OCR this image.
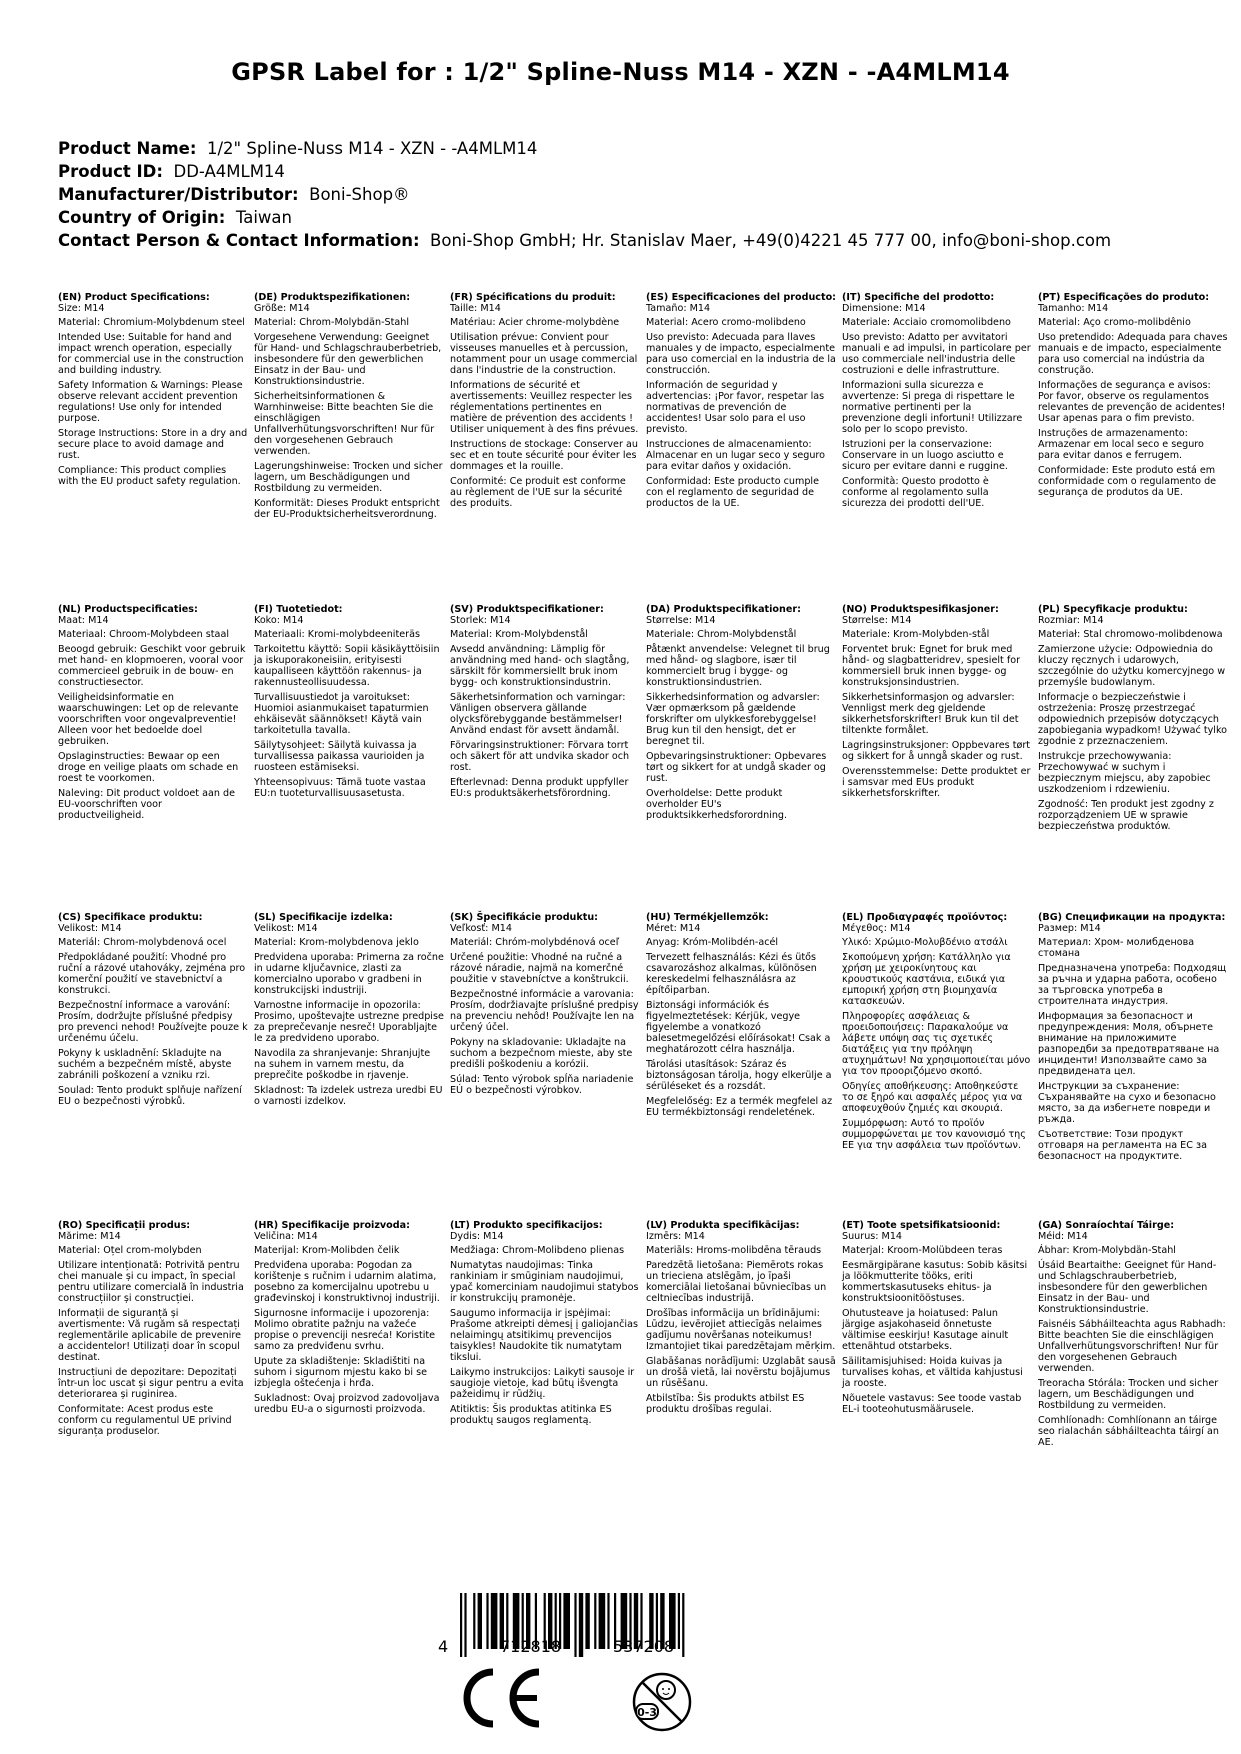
GPSR Label for : 1/2" Spline-Nuss M14 - XZN - -A4MLM14
Product Name: 1/2" Spline-Nuss M14 - XZN - -A4MLM14
Product ID: DD-A4MLM14
Manufacturer/Distributor: Boni-Shop®
Country of Origin: Taiwan
Contact Person & Contact Information: Boni-Shop GmbH; Hr. Stanislav Maer, +49(0)4221 45 777 00, info@boni-shop.com
(EN) Product Specifications:
Size: M14

Material: Chromium-Molybdenum steel

Intended Use: Suitable for hand and impact wrench operation, especially for commercial use in the construction and building industry.

Safety Information & Warnings: Please observe relevant accident prevention regulations! Use only for intended purpose.

Storage Instructions: Store in a dry and secure place to avoid damage and rust.

Compliance: This product complies with the EU product safety regulation.

(DE) Produktspezifikationen:
Größe: M14

Material: Chrom-Molybdän-Stahl

Vorgesehene Verwendung: Geeignet für Hand- und Schlagschrauberbetrieb, insbesondere für den gewerblichen Einsatz in der Bau- und Konstruktionsindustrie.

Sicherheitsinformationen & Warnhinweise: Bitte beachten Sie die einschlägigen Unfallverhütungsvorschriften! Nur für den vorgesehenen Gebrauch verwenden.

Lagerungshinweise: Trocken und sicher lagern, um Beschädigungen und Rostbildung zu vermeiden.

Konformität: Dieses Produkt entspricht der EU-Produktsicherheitsverordnung.

(FR) Spécifications du produit:
Taille: M14

Matériau: Acier chrome-molybdène

Utilisation prévue: Convient pour visseuses manuelles et à percussion, notamment pour un usage commercial dans l'industrie de la construction.

Informations de sécurité et avertissements: Veuillez respecter les réglementations pertinentes en matière de prévention des accidents ! Utiliser uniquement à des fins prévues.

Instructions de stockage: Conserver au sec et en toute sécurité pour éviter les dommages et la rouille.

Conformité: Ce produit est conforme au règlement de l'UE sur la sécurité des produits.

(ES) Especificaciones del producto:
Tamaño: M14

Material: Acero cromo-molibdeno

Uso previsto: Adecuada para llaves manuales y de impacto, especialmente para uso comercial en la industria de la construcción.

Información de seguridad y advertencias: ¡Por favor, respetar las normativas de prevención de accidentes! Usar solo para el uso previsto.

Instrucciones de almacenamiento: Almacenar en un lugar seco y seguro para evitar daños y oxidación.

Conformidad: Este producto cumple con el reglamento de seguridad de productos de la UE.

(IT) Specifiche del prodotto:
Dimensione: M14

Materiale: Acciaio cromomolibdeno

Uso previsto: Adatto per avvitatori manuali e ad impulsi, in particolare per uso commerciale nell'industria delle costruzioni e delle infrastrutture.

Informazioni sulla sicurezza e avvertenze: Si prega di rispettare le normative pertinenti per la prevenzione degli infortuni! Utilizzare solo per lo scopo previsto.

Istruzioni per la conservazione: Conservare in un luogo asciutto e sicuro per evitare danni e ruggine.

Conformità: Questo prodotto è conforme al regolamento sulla sicurezza dei prodotti dell'UE.

(PT) Especificações do produto:
Tamanho: M14

Material: Aço cromo-molibdênio

Uso pretendido: Adequada para chaves manuais e de impacto, especialmente para uso comercial na indústria da construção.

Informações de segurança e avisos: Por favor, observe os regulamentos relevantes de prevenção de acidentes! Usar apenas para o fim previsto.

Instruções de armazenamento: Armazenar em local seco e seguro para evitar danos e ferrugem.

Conformidade: Este produto está em conformidade com o regulamento de segurança de produtos da UE.

(NL) Productspecificaties:
Maat: M14

Materiaal: Chroom-Molybdeen staal

Beoogd gebruik: Geschikt voor gebruik met hand- en klopmoeren, vooral voor commercieel gebruik in de bouw- en constructiesector.

Veiligheidsinformatie en waarschuwingen: Let op de relevante voorschriften voor ongevalpreventie! Alleen voor het bedoelde doel gebruiken.

Opslaginstructies: Bewaar op een droge en veilige plaats om schade en roest te voorkomen.

Naleving: Dit product voldoet aan de EU-voorschriften voor productveiligheid.

(FI) Tuotetiedot:
Koko: M14

Materiaali: Kromi-molybdeeniteräs

Tarkoitettu käyttö: Sopii käsikäyttöisiin ja iskuporakoneisiin, erityisesti kaupalliseen käyttöön rakennus- ja rakennusteollisuudessa.

Turvallisuustiedot ja varoitukset: Huomioi asianmukaiset tapaturmien ehkäisevät säännökset! Käytä vain tarkoitetulla tavalla.

Säilytysohjeet: Säilytä kuivassa ja turvallisessa paikassa vaurioiden ja ruosteen estämiseksi.

Yhteensopivuus: Tämä tuote vastaa EU:n tuoteturvallisuusasetusta.

(SV) Produktspecifikationer:
Storlek: M14

Material: Krom-Molybdenstål

Avsedd användning: Lämplig för användning med hand- och slagtång, särskilt för kommersiellt bruk inom bygg- och konstruktionsindustrin.

Säkerhetsinformation och varningar: Vänligen observera gällande olycksförebyggande bestämmelser! Använd endast för avsett ändamål.

Förvaringsinstruktioner: Förvara torrt och säkert för att undvika skador och rost.

Efterlevnad: Denna produkt uppfyller EU:s produktsäkerhetsförordning.

(DA) Produktspecifikationer:
Størrelse: M14

Materiale: Chrom-Molybdenstål

Påtænkt anvendelse: Velegnet til brug med hånd- og slagbore, især til kommercielt brug i bygge- og konstruktionsindustrien.

Sikkerhedsinformation og advarsler: Vær opmærksom på gældende forskrifter om ulykkesforebyggelse! Brug kun til den hensigt, det er beregnet til.

Opbevaringsinstruktioner: Opbevares tørt og sikkert for at undgå skader og rust.

Overholdelse: Dette produkt overholder EU's produktsikkerhedsforordning.

(NO) Produktspesifikasjoner:
Størrelse: M14

Materiale: Krom-Molybden-stål

Forventet bruk: Egnet for bruk med hånd- og slagbatteridrev, spesielt for kommersiell bruk innen bygge- og konstruksjonsindustrien.

Sikkerhetsinformasjon og advarsler: Vennligst merk deg gjeldende sikkerhetsforskrifter! Bruk kun til det tiltenkte formålet.

Lagringsinstruksjoner: Oppbevares tørt og sikkert for å unngå skader og rust.

Overensstemmelse: Dette produktet er i samsvar med EUs produkt sikkerhetsforskrifter.

(PL) Specyfikacje produktu:
Rozmiar: M14

Materiał: Stal chromowo-molibdenowa

Zamierzone użycie: Odpowiednia do kluczy ręcznych i udarowych, szczególnie do użytku komercyjnego w przemyśle budowlanym.

Informacje o bezpieczeństwie i ostrzeżenia: Proszę przestrzegać odpowiednich przepisów dotyczących zapobiegania wypadkom! Używać tylko zgodnie z przeznaczeniem.

Instrukcje przechowywania: Przechowywać w suchym i bezpiecznym miejscu, aby zapobiec uszkodzeniom i rdzewieniu.

Zgodność: Ten produkt jest zgodny z rozporządzeniem UE w sprawie bezpieczeństwa produktów.

(CS) Specifikace produktu:
Velikost: M14

Materiál: Chrom-molybdenová ocel

Předpokládané použití: Vhodné pro ruční a rázové utahováky, zejména pro komerční použití ve stavebnictví a konstrukci.

Bezpečnostní informace a varování: Prosím, dodržujte příslušné předpisy pro prevenci nehod! Používejte pouze k určenému účelu.

Pokyny k uskladnění: Skladujte na suchém a bezpečném místě, abyste zabránili poškození a vzniku rzi.

Soulad: Tento produkt splňuje nařízení EU o bezpečnosti výrobků.

(SL) Specifikacije izdelka:
Velikost: M14

Material: Krom-molybdenova jeklo

Predvidena uporaba: Primerna za ročne in udarne ključavnice, zlasti za komercialno uporabo v gradbeni in konstrukcijski industriji.

Varnostne informacije in opozorila: Prosimo, upoštevajte ustrezne predpise za preprečevanje nesreč! Uporabljajte le za predvideno uporabo.

Navodila za shranjevanje: Shranjujte na suhem in varnem mestu, da preprečite poškodbe in rjavenje.

Skladnost: Ta izdelek ustreza uredbi EU o varnosti izdelkov.

(SK) Špecifikácie produktu:
Veľkosť: M14

Materiál: Chróm-molybdénová oceľ

Určené použitie: Vhodné na ručné a rázové náradie, najmä na komerčné použitie v stavebníctve a konštrukcii.

Bezpečnostné informácie a varovania: Prosím, dodržiavajte príslušné predpisy na prevenciu nehôd! Používajte len na určený účel.

Pokyny na skladovanie: Ukladajte na suchom a bezpečnom mieste, aby ste predišli poškodeniu a korózii.

Súlad: Tento výrobok spĺňa nariadenie EÚ o bezpečnosti výrobkov.

(HU) Termékjellemzők:
Méret: M14

Anyag: Króm-Molibdén-acél

Tervezett felhasználás: Kézi és ütős csavarozáshoz alkalmas, különösen kereskedelmi felhasználásra az építőiparban.

Biztonsági információk és figyelmeztetések: Kérjük, vegye figyelembe a vonatkozó balesetmegelőzési előírásokat! Csak a meghatározott célra használja.

Tárolási utasítások: Száraz és biztonságosan tárolja, hogy elkerülje a sérüléseket és a rozsdát.

Megfelelőség: Ez a termék megfelel az EU termékbiztonsági rendeletének.

(EL) Προδιαγραφές προϊόντος:
Μέγεθος: M14

Υλικό: Χρώμιο-Μολυβδένιο ατσάλι

Σκοπούμενη χρήση: Κατάλληλο για χρήση με χειροκίνητους και κρουστικούς καστάνια, ειδικά για εμπορική χρήση στη βιομηχανία κατασκευών.

Πληροφορίες ασφάλειας & προειδοποιήσεις: Παρακαλούμε να λάβετε υπόψη σας τις σχετικές διατάξεις για την πρόληψη ατυχημάτων! Να χρησιμοποιείται μόνο για τον προοριζόμενο σκοπό.

Οδηγίες αποθήκευσης: Αποθηκεύστε το σε ξηρό και ασφαλές μέρος για να αποφευχθούν ζημιές και σκουριά.

Συμμόρφωση: Αυτό το προϊόν συμμορφώνεται με τον κανονισμό της ΕΕ για την ασφάλεια των προϊόντων.

(BG) Спецификации на продукта:
Размер: M14

Материал: Хром- молибденова стомана

Предназначена употреба: Подходящ за ръчна и ударна работа, особено за търговска употреба в строителната индустрия.

Информация за безопасност и предупреждения: Моля, обърнете внимание на приложимите разпоредби за предотвратяване на инциденти! Използвайте само за предвидената цел.

Инструкции за съхранение: Съхранявайте на сухо и безопасно място, за да избегнете повреди и ръжда.

Съответствие: Този продукт отговаря на регламента на ЕС за безопасност на продуктите.

(RO) Specificații produs:
Mărime: M14

Material: Oțel crom-molybden

Utilizare intenționată: Potrivită pentru chei manuale și cu impact, în special pentru utilizare comercială în industria construcțiilor și construcției.

Informații de siguranță și avertismente: Vă rugăm să respectați reglementările aplicabile de prevenire a accidentelor! Utilizați doar în scopul destinat.

Instrucțiuni de depozitare: Depozitați într-un loc uscat și sigur pentru a evita deteriorarea și ruginirea.

Conformitate: Acest produs este conform cu regulamentul UE privind siguranța produselor.

(HR) Specifikacije proizvoda:
Veličina: M14

Materijal: Krom-Molibden čelik

Predviđena uporaba: Pogodan za korištenje s ručnim i udarnim alatima, posebno za komercijalnu upotrebu u građevinskoj i konstruktivnoj industriji.

Sigurnosne informacije i upozorenja: Molimo obratite pažnju na važeće propise o prevenciji nesreća! Koristite samo za predviđenu svrhu.

Upute za skladištenje: Skladištiti na suhom i sigurnom mjestu kako bi se izbjegla oštećenja i hrđa.

Sukladnost: Ovaj proizvod zadovoljava uredbu EU-a o sigurnosti proizvoda.

(LT) Produkto specifikacijos:
Dydis: M14

Medžiaga: Chrom-Molibdeno plienas

Numatytas naudojimas: Tinka rankiniam ir smūginiam naudojimui, ypač komerciniam naudojimui statybos ir konstrukcijų pramonėje.

Saugumo informacija ir įspėjimai: Prašome atkreipti dėmesį į galiojančias nelaimingų atsitikimų prevencijos taisykles! Naudokite tik numatytam tikslui.

Laikymo instrukcijos: Laikyti sausoje ir saugioje vietoje, kad būtų išvengta pažeidimų ir rūdžių.

Atitiktis: Šis produktas atitinka ES produktų saugos reglamentą.

(LV) Produkta specifikācijas:
Izmērs: M14

Materiāls: Hroms-molibdēna tērauds

Paredzētā lietošana: Piemērots rokas un trieciena atslēgām, jo īpaši komerciālai lietošanai būvniecības un celtniecības industrijā.

Drošības informācija un brīdinājumi: Lūdzu, ievērojiet attiecīgās nelaimes gadījumu novēršanas noteikumus! Izmantojiet tikai paredzētajam mērķim.

Glabāšanas norādījumi: Uzglabāt sausā un drošā vietā, lai novērstu bojājumus un rūsēšanu.

Atbilstība: Šis produkts atbilst ES produktu drošības regulai.

(ET) Toote spetsifikatsioonid:
Suurus: M14

Materjal: Kroom-Molübdeen teras

Eesmärgipärane kasutus: Sobib käsitsi ja löökmutterite tööks, eriti kommertskasutuseks ehitus- ja konstruktsioonitööstuses.

Ohutusteave ja hoiatused: Palun järgige asjakohaseid õnnetuste vältimise eeskirju! Kasutage ainult ettenähtud otstarbeks.

Säilitamisjuhised: Hoida kuivas ja turvalises kohas, et vältida kahjustusi ja rooste.

Nõuetele vastavus: See toode vastab EL-i tooteohutusmäärusele.

(GA) Sonraíochtaí Táirge:
Méid: M14

Ábhar: Krom-Molybdän-Stahl

Úsáid Beartaithe: Geeignet für Hand- und Schlagschrauberbetrieb, insbesondere für den gewerblichen Einsatz in der Bau- und Konstruktionsindustrie.

Faisnéis Sábháilteachta agus Rabhadh: Bitte beachten Sie die einschlägigen Unfallverhütungsvorschriften! Nur für den vorgesehenen Gebrauch verwenden.

Treoracha Stórála: Trocken und sicher lagern, um Beschädigungen und Rostbildung zu vermeiden.

Comhlíonadh: Comhlíonann an táirge seo rialachán sábháilteachta táirgí an AE.

4	712818	537208
0-3
